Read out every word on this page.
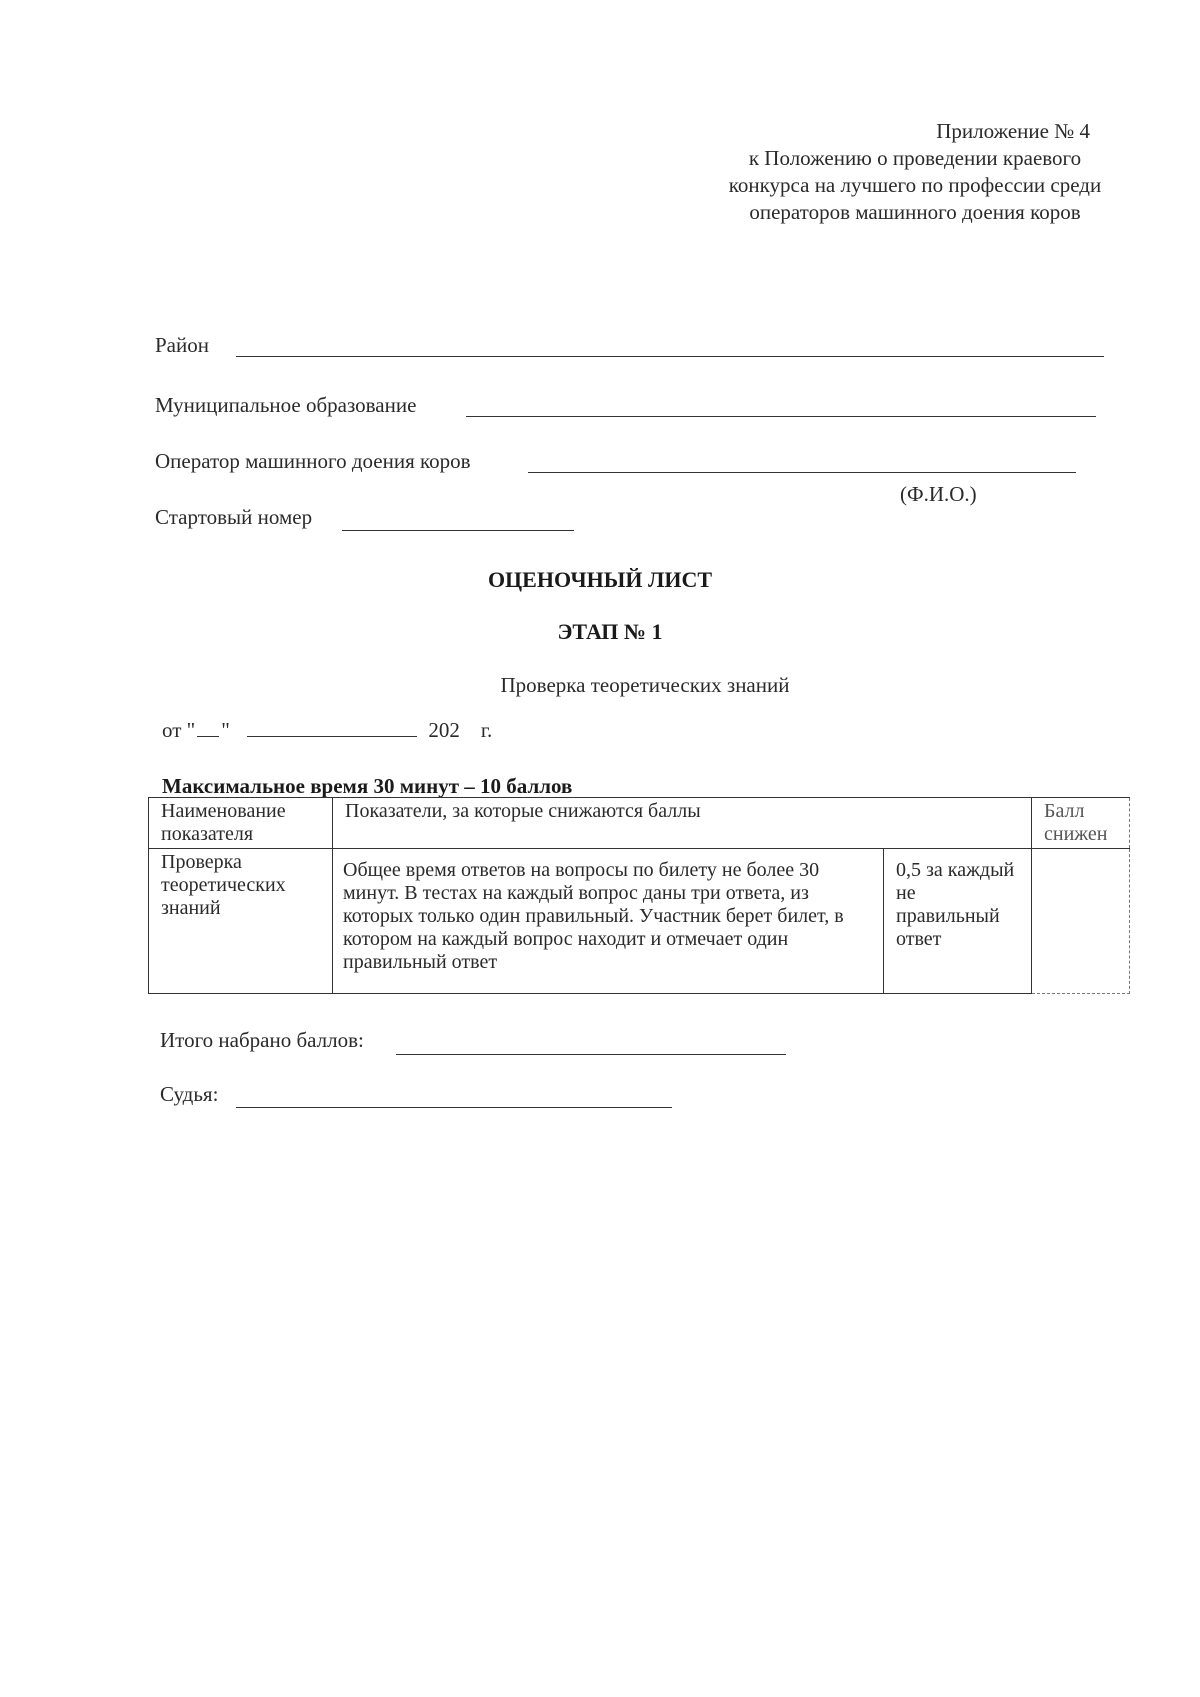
Приложение № 4
к Положению о проведении краевого
конкурса на лучшего по профессии среди
операторов машинного доения коров
Район
Муниципальное образование
Оператор машинного доения коров
(Ф.И.О.)
Стартовый номер
ОЦЕНОЧНЫЙ ЛИСТ
ЭТАП № 1
Проверка теоретических знаний
от " "	202 г.
Максимальное время 30 минут – 10 баллов
Наименование показателя	Показатели, за которые снижаются баллы		Балл снижен
Проверка теоретических знаний	Общее время ответов на вопросы по билету не более 30 минут. В тестах на каждый вопрос даны три ответа, из которых только один правильный. Участник берет билет, в котором на каждый вопрос находит и отмечает один правильный ответ	0,5 за каждый не правильный ответ	
Итого набрано баллов:
Судья:
